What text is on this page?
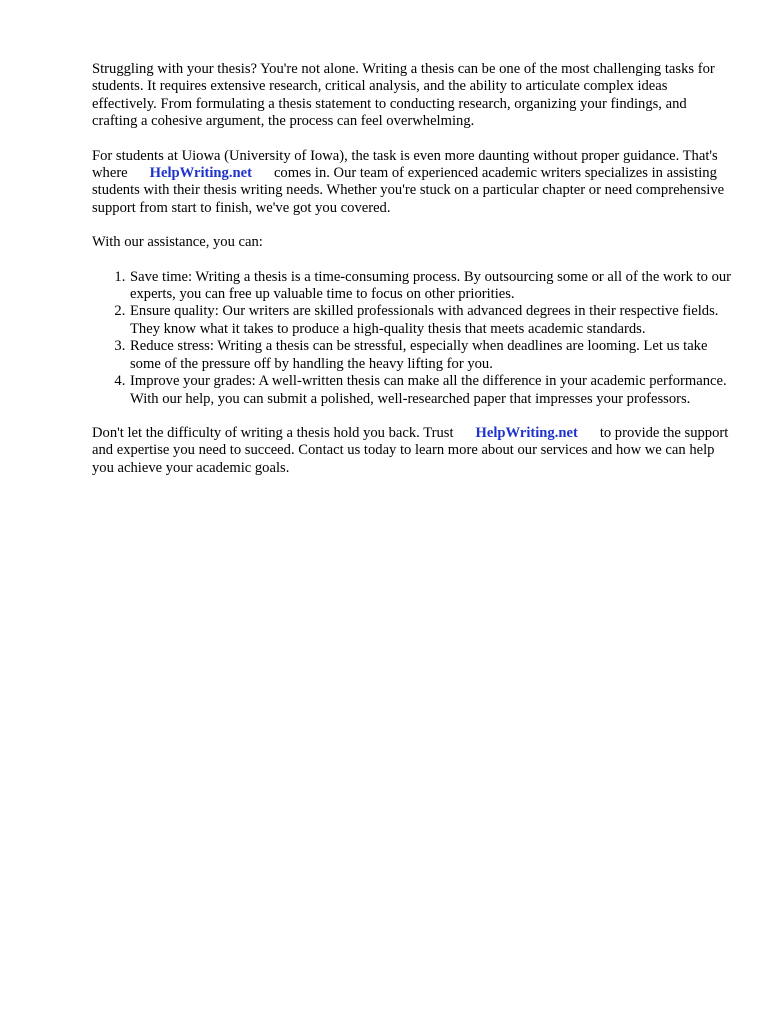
Struggling with your thesis? You're not alone. Writing a thesis can be one of the most challenging tasks for students. It requires extensive research, critical analysis, and the ability to articulate complex ideas effectively. From formulating a thesis statement to conducting research, organizing your findings, and crafting a cohesive argument, the process can feel overwhelming.

For students at Uiowa (University of Iowa), the task is even more daunting without proper guidance. That's where HelpWriting.net comes in. Our team of experienced academic writers specializes in assisting students with their thesis writing needs. Whether you're stuck on a particular chapter or need comprehensive support from start to finish, we've got you covered.

With our assistance, you can:

1. Save time: Writing a thesis is a time-consuming process. By outsourcing some or all of the work to our experts, you can free up valuable time to focus on other priorities.
2. Ensure quality: Our writers are skilled professionals with advanced degrees in their respective fields. They know what it takes to produce a high-quality thesis that meets academic standards.
3. Reduce stress: Writing a thesis can be stressful, especially when deadlines are looming. Let us take some of the pressure off by handling the heavy lifting for you.
4. Improve your grades: A well-written thesis can make all the difference in your academic performance. With our help, you can submit a polished, well-researched paper that impresses your professors.

Don't let the difficulty of writing a thesis hold you back. Trust HelpWriting.net to provide the support and expertise you need to succeed. Contact us today to learn more about our services and how we can help you achieve your academic goals.
